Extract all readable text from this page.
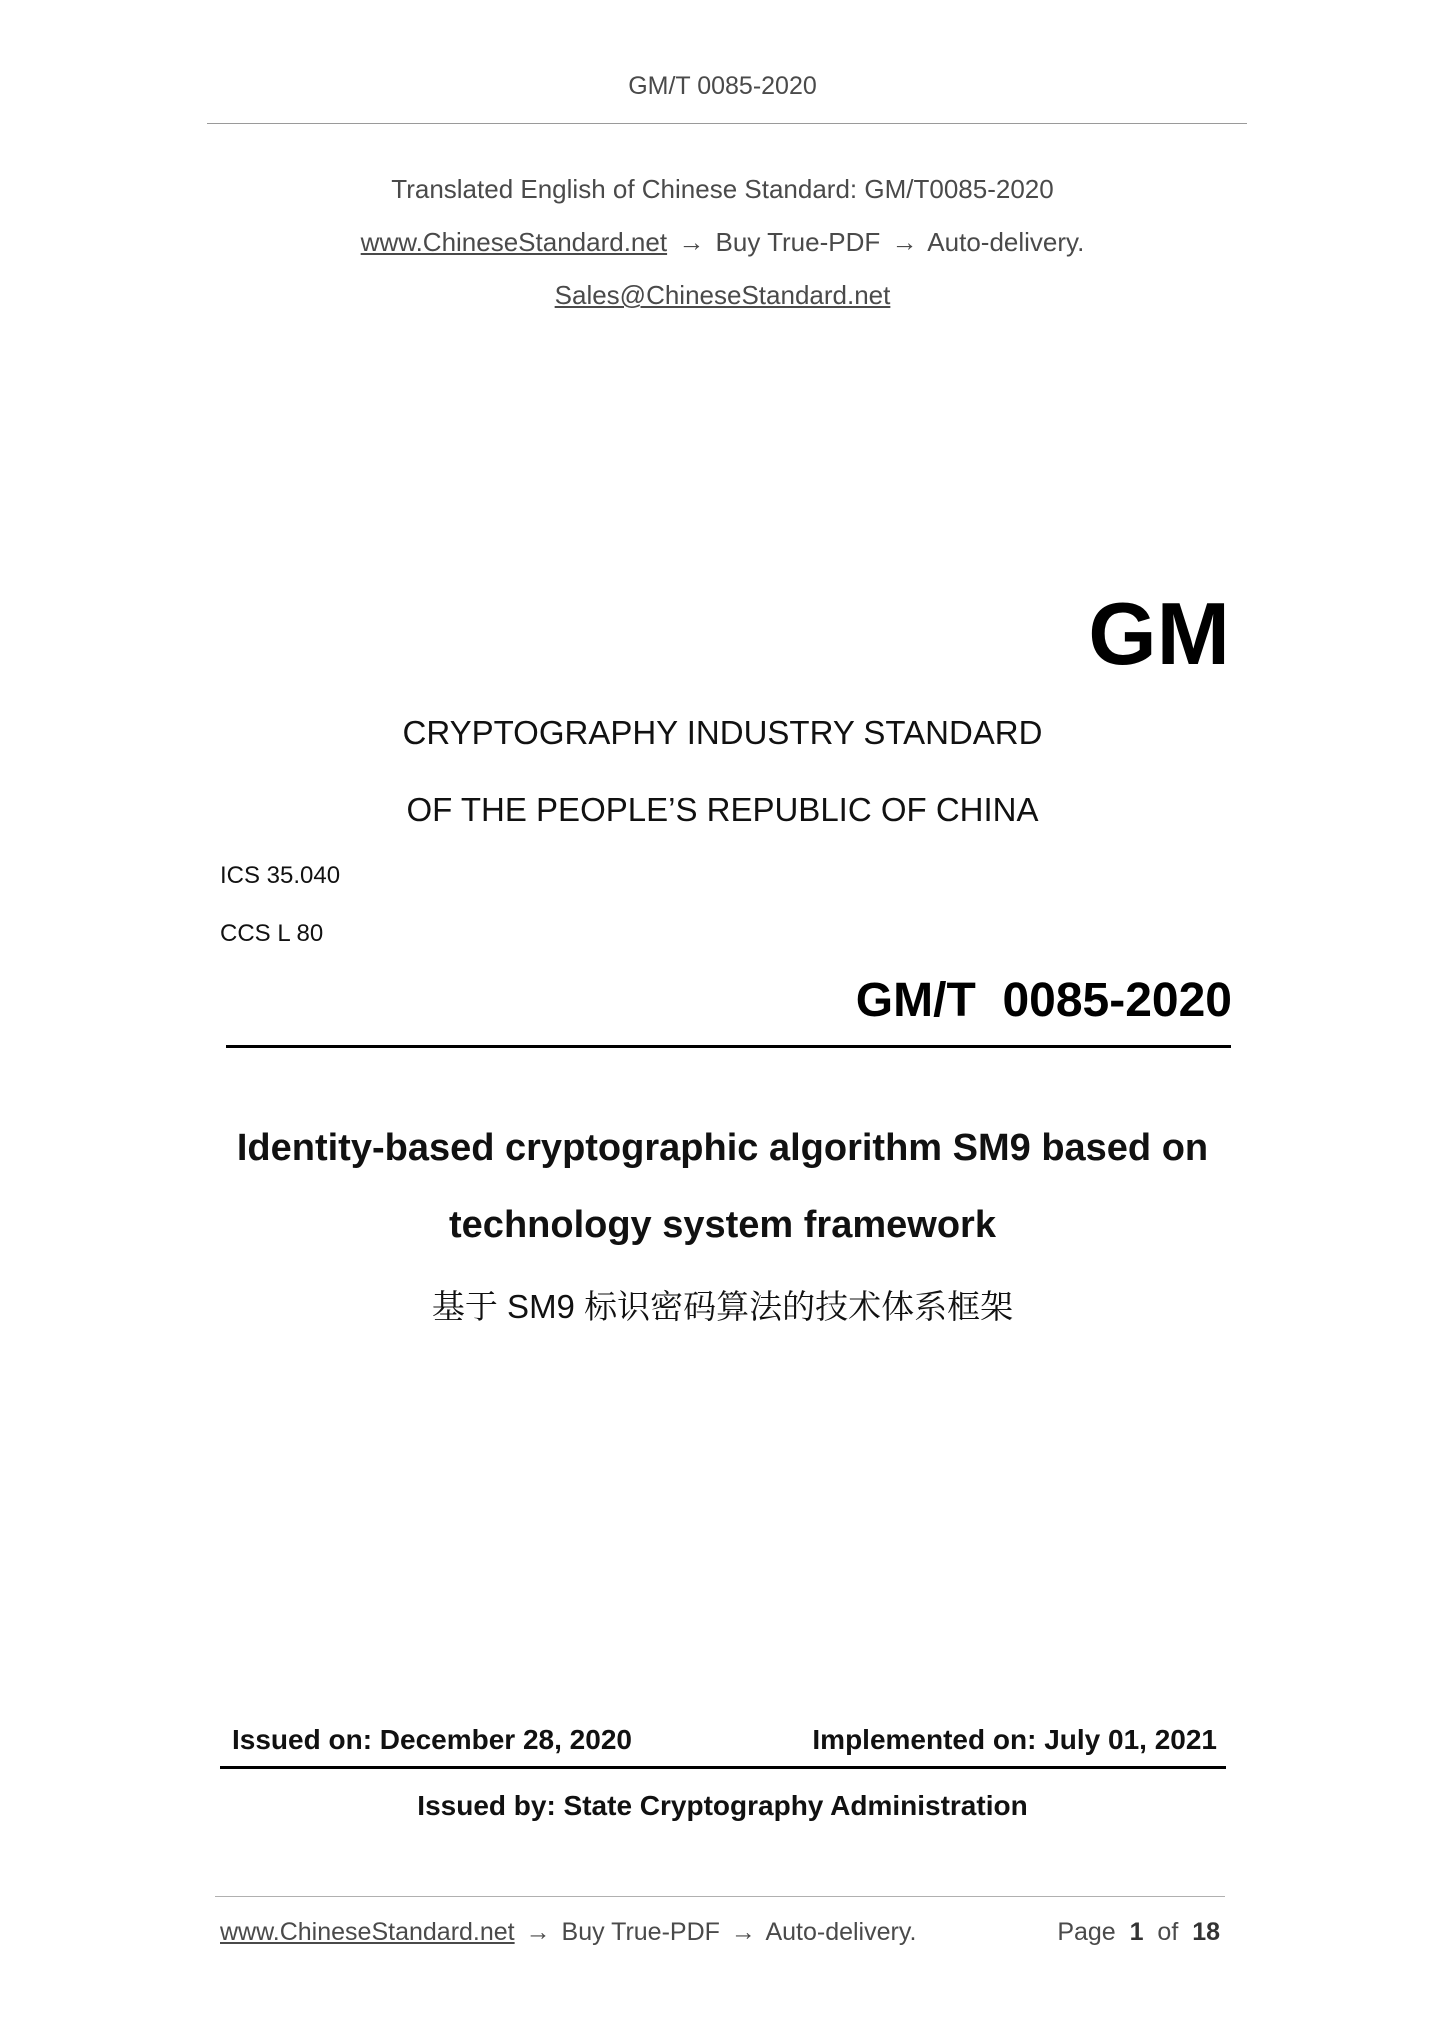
GM/T 0085-2020
Translated English of Chinese Standard: GM/T0085-2020
www.ChineseStandard.net → Buy True-PDF → Auto-delivery.
Sales@ChineseStandard.net
GM
CRYPTOGRAPHY INDUSTRY STANDARD
OF THE PEOPLE’S REPUBLIC OF CHINA
ICS 35.040
CCS L 80
GM/T  0085-2020
Identity-based cryptographic algorithm SM9 based on
technology system framework
基于 SM9 标识密码算法的技术体系框架
Issued on: December 28, 2020	Implemented on: July 01, 2021
Issued by: State Cryptography Administration
www.ChineseStandard.net → Buy True-PDF → Auto-delivery.	Page 1 of 18
